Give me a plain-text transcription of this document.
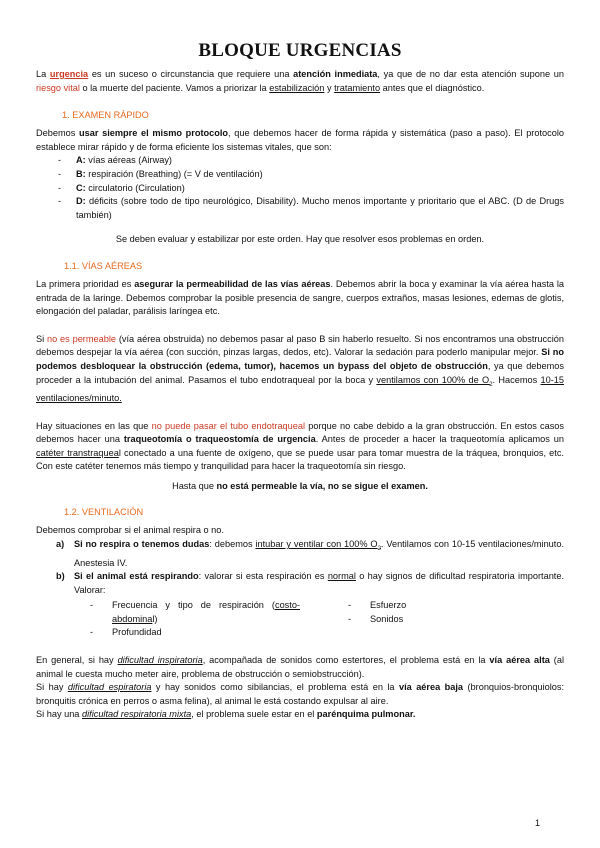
BLOQUE URGENCIAS

La urgencia es un suceso o circunstancia que requiere una atención inmediata, ya que de no dar esta atención supone un riesgo vital o la muerte del paciente. Vamos a priorizar la estabilización y tratamiento antes que el diagnóstico.

1. EXAMEN RÁPIDO

Debemos usar siempre el mismo protocolo, que debemos hacer de forma rápida y sistemática (paso a paso). El protocolo establece mirar rápido y de forma eficiente los sistemas vitales, que son:

- A: vías aéreas (Airway)
- B: respiración (Breathing) (= V de ventilación)
- C: circulatorio (Circulation)
- D: déficits (sobre todo de tipo neurológico, Disability). Mucho menos importante y prioritario que el ABC. (D de Drugs también)

Se deben evaluar y estabilizar por este orden. Hay que resolver esos problemas en orden.

1.1. VÍAS AÉREAS

La primera prioridad es asegurar la permeabilidad de las vías aéreas. Debemos abrir la boca y examinar la vía aérea hasta la entrada de la laringe. Debemos comprobar la posible presencia de sangre, cuerpos extraños, masas lesiones, edemas de glotis, elongación del paladar, parálisis laríngea etc.

Si no es permeable (vía aérea obstruida) no debemos pasar al paso B sin haberlo resuelto. Si nos encontramos una obstrucción debemos despejar la vía aérea (con succión, pinzas largas, dedos, etc). Valorar la sedación para poderlo manipular mejor. Si no podemos desbloquear la obstrucción (edema, tumor), hacemos un bypass del objeto de obstrucción, ya que debemos proceder a la intubación del animal. Pasamos el tubo endotraqueal por la boca y ventilamos con 100% de $O_2$. Hacemos 10-15 ventilaciones/minuto.

Hay situaciones en las que no puede pasar el tubo endotraqueal porque no cabe debido a la gran obstrucción. En estos casos debemos hacer una traqueotomía o traqueostomía de urgencia. Antes de proceder a hacer la traqueotomía aplicamos un catéter transtraqueal conectado a una fuente de oxígeno, que se puede usar para tomar muestra de la tráquea, bronquios, etc. Con este catéter tenemos más tiempo y tranquilidad para hacer la traqueotomía sin riesgo.

Hasta que no está permeable la vía, no se sigue el examen.

1.2. VENTILACIÓN

Debemos comprobar si el animal respira o no.

a) Si no respira o tenemos dudas: debemos intubar y ventilar con 100% $O_2$. Ventilamos con 10-15 ventilaciones/minuto. Anestesia IV.
b) Si el animal está respirando: valorar si esta respiración es normal o hay signos de dificultad respiratoria importante. Valorar:
- Frecuencia y tipo de respiración (costo-abdominal)
- Profundidad
- Esfuerzo
- Sonidos

En general, si hay dificultad inspiratoria, acompañada de sonidos como estertores, el problema está en la vía aérea alta (al animal le cuesta mucho meter aire, problema de obstrucción o semiobstrucción).

Si hay dificultad espiratoria y hay sonidos como sibilancias, el problema está en la vía aérea baja (bronquios-bronquiolos: bronquitis crónica en perros o asma felina), al animal le está costando expulsar al aire.

Si hay una dificultad respiratoria mixta, el problema suele estar en el parénquima pulmonar.

1
